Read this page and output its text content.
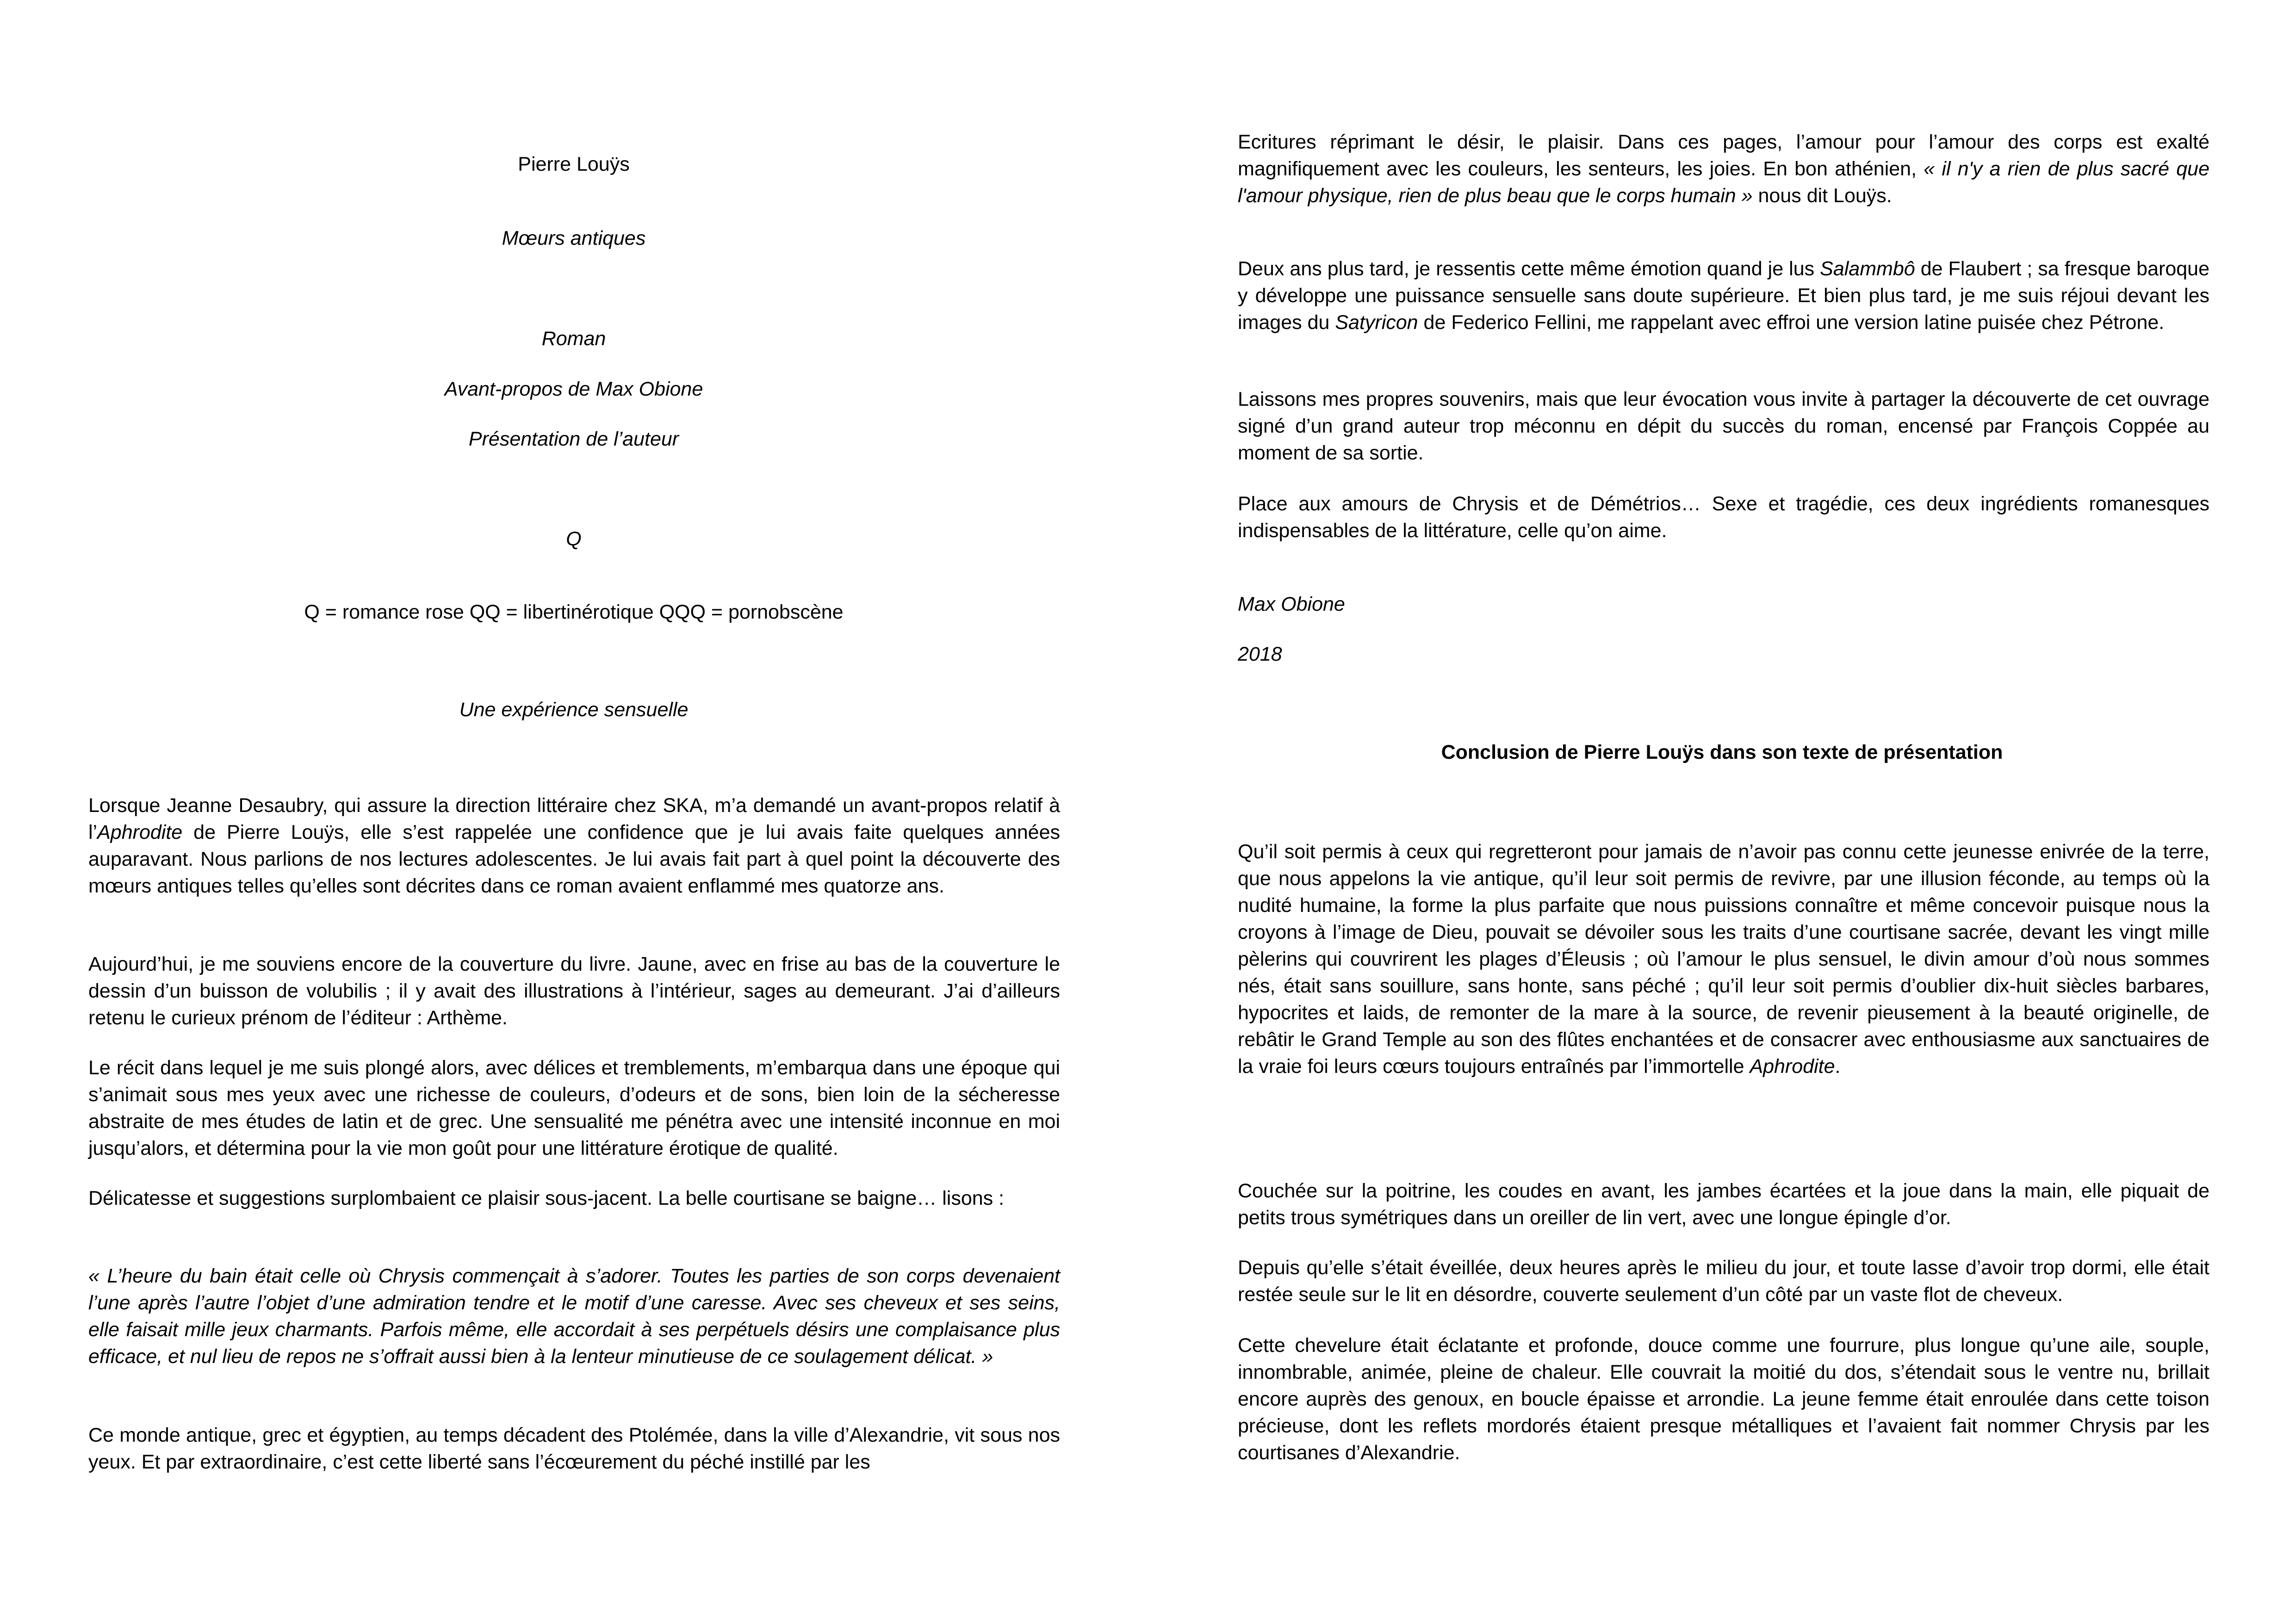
Pierre Louÿs

Mœurs antiques

Roman

Avant-propos de Max Obione

Présentation de l’auteur

Q

Q = romance rose QQ = libertinérotique QQQ = pornobscène

Une expérience sensuelle

Lorsque Jeanne Desaubry, qui assure la direction littéraire chez SKA, m’a demandé un avant-propos relatif à l’Aphrodite de Pierre Louÿs, elle s’est rappelée une confidence que je lui avais faite quelques années auparavant. Nous parlions de nos lectures adolescentes. Je lui avais fait part à quel point la découverte des mœurs antiques telles qu’elles sont décrites dans ce roman avaient enflammé mes quatorze ans.

Aujourd’hui, je me souviens encore de la couverture du livre. Jaune, avec en frise au bas de la couverture le dessin d’un buisson de volubilis ; il y avait des illustrations à l’intérieur, sages au demeurant. J’ai d’ailleurs retenu le curieux prénom de l’éditeur : Arthème.

Le récit dans lequel je me suis plongé alors, avec délices et tremblements, m’embarqua dans une époque qui s’animait sous mes yeux avec une richesse de couleurs, d’odeurs et de sons, bien loin de la sécheresse abstraite de mes études de latin et de grec. Une sensualité me pénétra avec une intensité inconnue en moi jusqu’alors, et détermina pour la vie mon goût pour une littérature érotique de qualité.

Délicatesse et suggestions surplombaient ce plaisir sous-jacent. La belle courtisane se baigne… lisons :

« L’heure du bain était celle où Chrysis commençait à s’adorer. Toutes les parties de son corps devenaient l’une après l’autre l’objet d’une admiration tendre et le motif d’une caresse. Avec ses cheveux et ses seins, elle faisait mille jeux charmants. Parfois même, elle accordait à ses perpétuels désirs une complaisance plus efficace, et nul lieu de repos ne s’offrait aussi bien à la lenteur minutieuse de ce soulagement délicat. »

Ce monde antique, grec et égyptien, au temps décadent des Ptolémée, dans la ville d’Alexandrie, vit sous nos yeux. Et par extraordinaire, c’est cette liberté sans l’écœurement du péché instillé par les

Ecritures réprimant le désir, le plaisir. Dans ces pages, l’amour pour l’amour des corps est exalté magnifiquement avec les couleurs, les senteurs, les joies. En bon athénien, « il n'y a rien de plus sacré que l'amour physique, rien de plus beau que le corps humain » nous dit Louÿs.

Deux ans plus tard, je ressentis cette même émotion quand je lus Salammbô de Flaubert ; sa fresque baroque y développe une puissance sensuelle sans doute supérieure. Et bien plus tard, je me suis réjoui devant les images du Satyricon de Federico Fellini, me rappelant avec effroi une version latine puisée chez Pétrone.

Laissons mes propres souvenirs, mais que leur évocation vous invite à partager la découverte de cet ouvrage signé d’un grand auteur trop méconnu en dépit du succès du roman, encensé par François Coppée au moment de sa sortie.

Place aux amours de Chrysis et de Démétrios… Sexe et tragédie, ces deux ingrédients romanesques indispensables de la littérature, celle qu’on aime.

Max Obione

2018

Conclusion de Pierre Louÿs dans son texte de présentation

Qu’il soit permis à ceux qui regretteront pour jamais de n’avoir pas connu cette jeunesse enivrée de la terre, que nous appelons la vie antique, qu’il leur soit permis de revivre, par une illusion féconde, au temps où la nudité humaine, la forme la plus parfaite que nous puissions connaître et même concevoir puisque nous la croyons à l’image de Dieu, pouvait se dévoiler sous les traits d’une courtisane sacrée, devant les vingt mille pèlerins qui couvrirent les plages d’Éleusis ; où l’amour le plus sensuel, le divin amour d’où nous sommes nés, était sans souillure, sans honte, sans péché ; qu’il leur soit permis d’oublier dix-huit siècles barbares, hypocrites et laids, de remonter de la mare à la source, de revenir pieusement à la beauté originelle, de rebâtir le Grand Temple au son des flûtes enchantées et de consacrer avec enthousiasme aux sanctuaires de la vraie foi leurs cœurs toujours entraînés par l’immortelle Aphrodite.

Couchée sur la poitrine, les coudes en avant, les jambes écartées et la joue dans la main, elle piquait de petits trous symétriques dans un oreiller de lin vert, avec une longue épingle d’or.

Depuis qu’elle s’était éveillée, deux heures après le milieu du jour, et toute lasse d’avoir trop dormi, elle était restée seule sur le lit en désordre, couverte seulement d’un côté par un vaste flot de cheveux.

Cette chevelure était éclatante et profonde, douce comme une fourrure, plus longue qu’une aile, souple, innombrable, animée, pleine de chaleur. Elle couvrait la moitié du dos, s’étendait sous le ventre nu, brillait encore auprès des genoux, en boucle épaisse et arrondie. La jeune femme était enroulée dans cette toison précieuse, dont les reflets mordorés étaient presque métalliques et l’avaient fait nommer Chrysis par les courtisanes d’Alexandrie.
